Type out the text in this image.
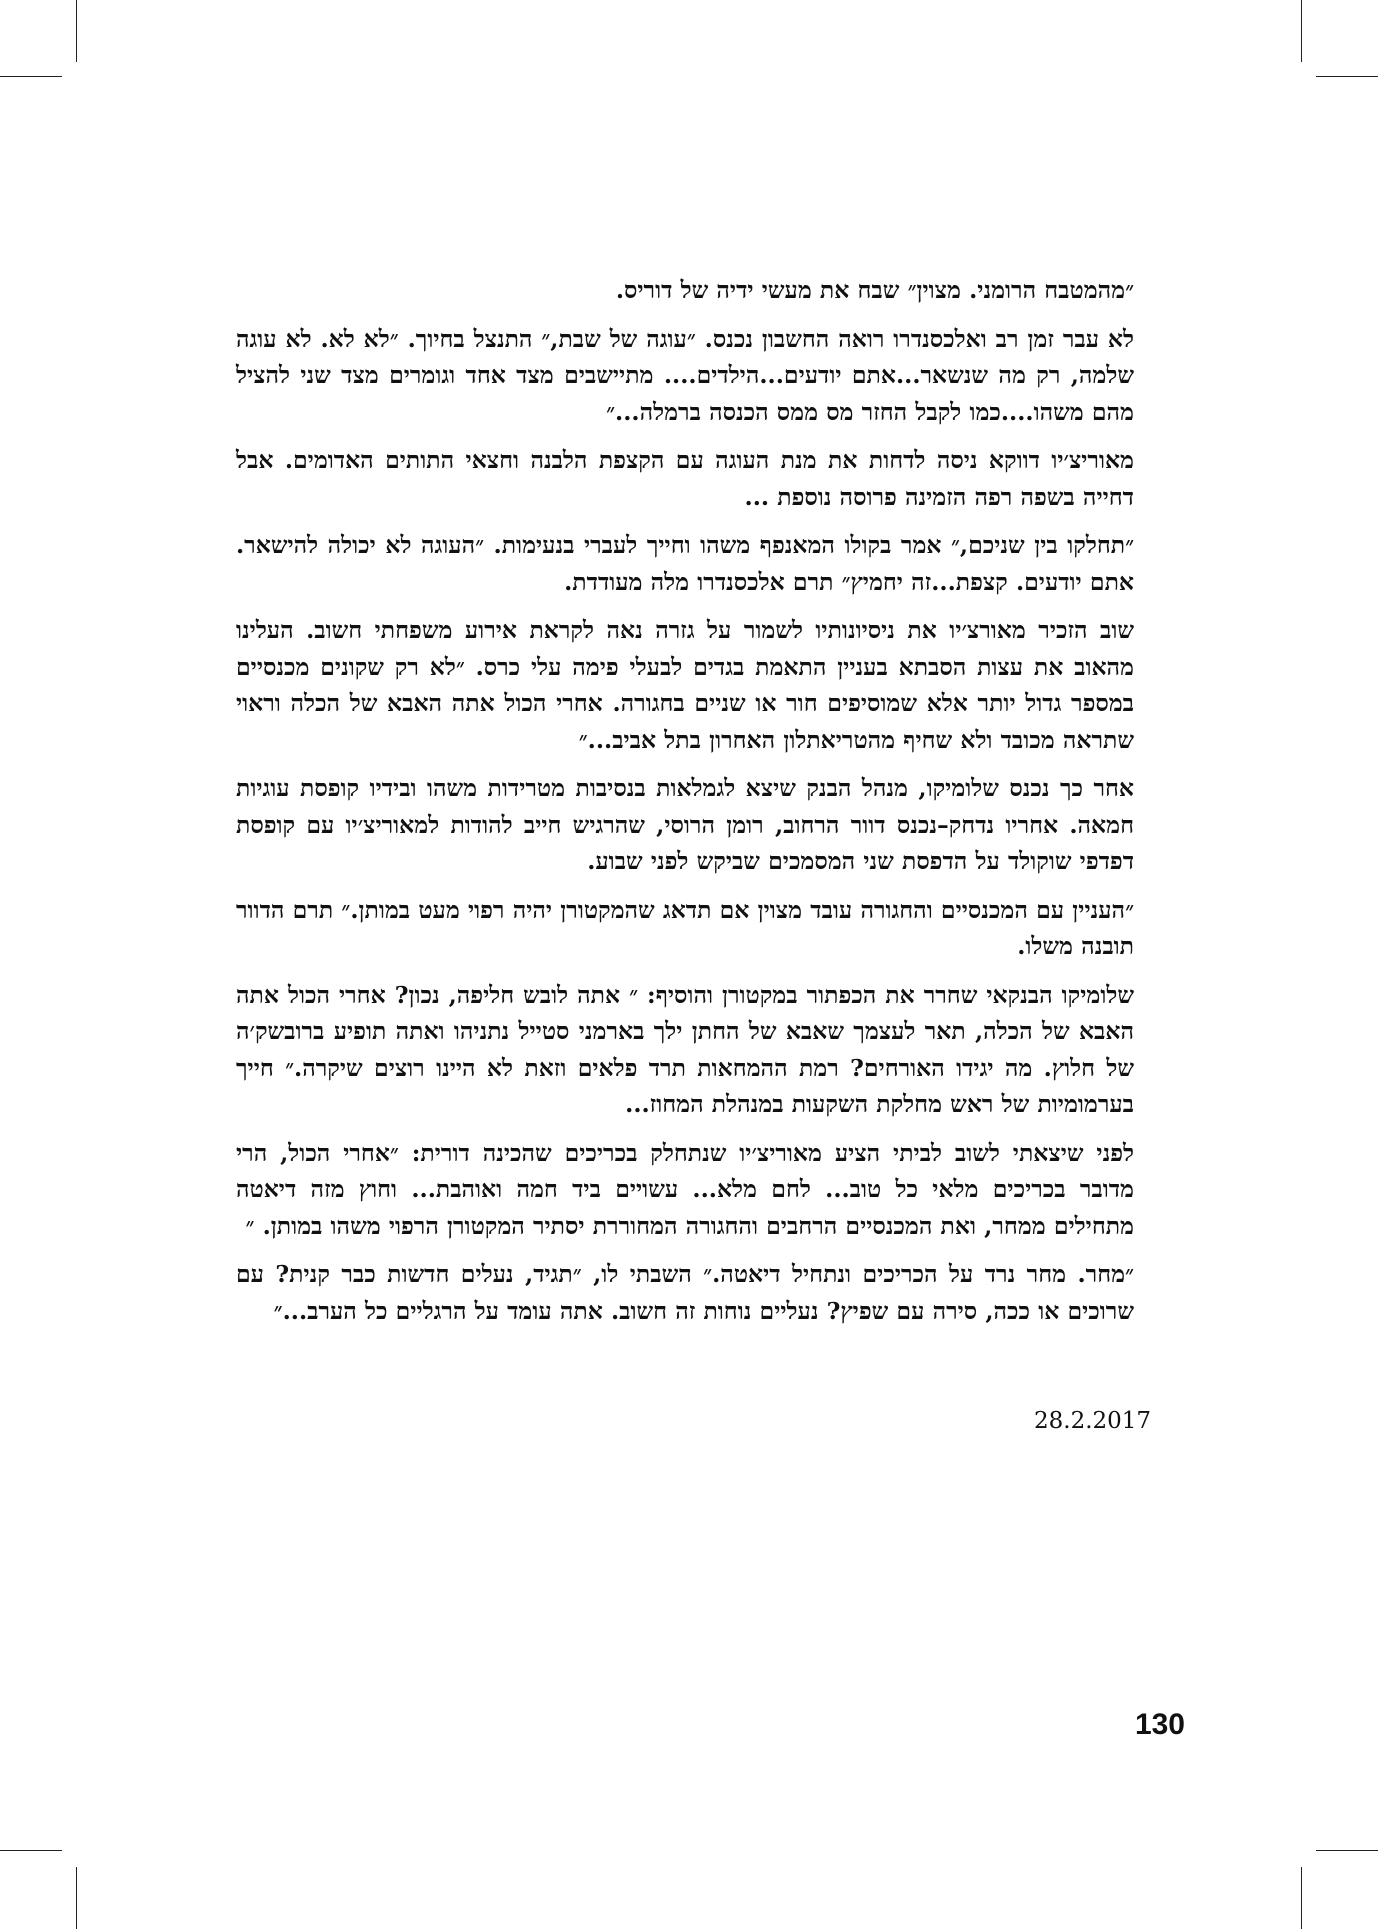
״מהמטבח הרומני. מצוין״ שבח את מעשי ידיה של דוריס.

לא עבר זמן רב ואלכסנדרו רואה החשבון נכנס. ״עוגה של שבת,״ התנצל בחיוך. ״לא לא. לא עוגה שלמה, רק מה שנשאר...אתם יודעים...הילדים.... מתיישבים מצד אחד וגומרים מצד שני להציל מהם משהו....כמו לקבל החזר מס ממס הכנסה ברמלה...״

מאוריצ׳יו דווקא ניסה לדחות את מנת העוגה עם הקצפת הלבנה וחצאי התותים האדומים. אבל דחייה בשפה רפה הזמינה פרוסה נוספת ...

״תחלקו בין שניכם,״ אמר בקולו המאנפף משהו וחייך לעברי בנעימות. ״העוגה לא יכולה להישאר. אתם יודעים. קצפת...זה יחמיץ״ תרם אלכסנדרו מלה מעודדת.

שוב הזכיר מאורצ׳יו את ניסיונותיו לשמור על גזרה נאה לקראת אירוע משפחתי חשוב. העלינו מהאוב את עצות הסבתא בעניין התאמת בגדים לבעלי פימה עלי כרס. ״לא רק שקונים מכנסיים במספר גדול יותר אלא שמוסיפים חור או שניים בחגורה. אחרי הכול אתה האבא של הכלה וראוי שתראה מכובד ולא שחיף מהטריאתלון האחרון בתל אביב...״

אחר כך נכנס שלומיקו, מנהל הבנק שיצא לגמלאות בנסיבות מטרידות משהו ובידיו קופסת עוגיות חמאה. אחריו נדחק–נכנס דוור הרחוב, רומן הרוסי, שהרגיש חייב להודות למאוריצ׳יו עם קופסת דפדפי שוקולד על הדפסת שני המסמכים שביקש לפני שבוע.

״העניין עם המכנסיים והחגורה עובד מצוין אם תדאג שהמקטורן יהיה רפוי מעט במותן.״ תרם הדוור תובנה משלו.

שלומיקו הבנקאי שחרר את הכפתור במקטורן והוסיף: ״ אתה לובש חליפה, נכון? אחרי הכול אתה האבא של הכלה, תאר לעצמך שאבא של החתן ילך בארמני סטייל נתניהו ואתה תופיע ברובשק׳ה של חלוץ. מה יגידו האורחים? רמת ההמחאות תרד פלאים וזאת לא היינו רוצים שיקרה.״ חייך בערמומיות של ראש מחלקת השקעות במנהלת המחוז...

לפני שיצאתי לשוב לביתי הציע מאוריצ׳יו שנתחלק בכריכים שהכינה דורית: ״אחרי הכול, הרי מדובר בכריכים מלאי כל טוב... לחם מלא... עשויים ביד חמה ואוהבת... וחוץ מזה דיאטה מתחילים ממחר, ואת המכנסיים הרחבים והחגורה המחוררת יסתיר המקטורן הרפוי משהו במותן. ״

״מחר. מחר נרד על הכריכים ונתחיל דיאטה.״ השבתי לו, ״תגיד, נעלים חדשות כבר קנית? עם שרוכים או ככה, סירה עם שפיץ? נעליים נוחות זה חשוב. אתה עומד על הרגליים כל הערב...״

28.2.2017
130
